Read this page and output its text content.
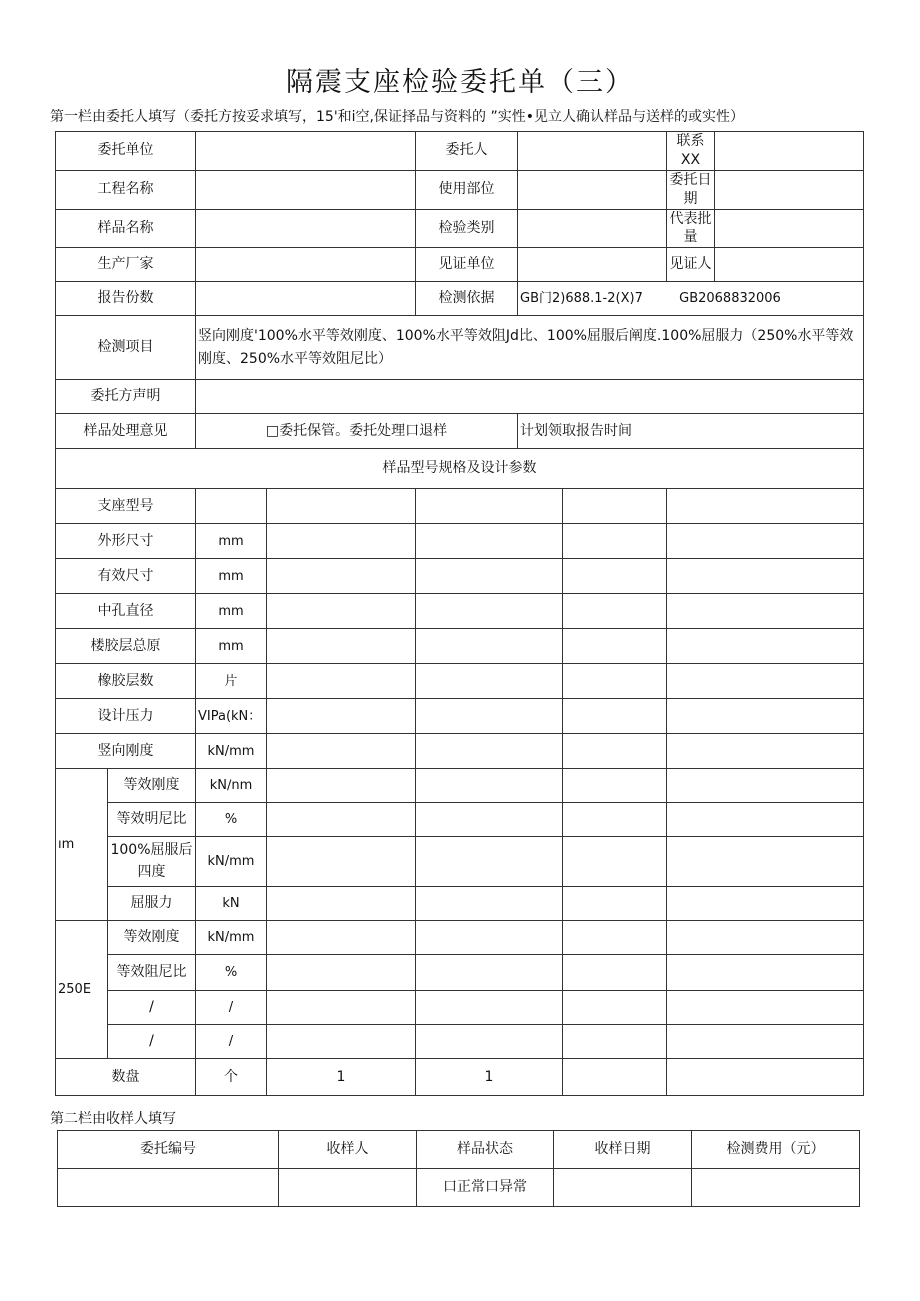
隔震支座检验委托单（三）
第一栏由委托人填写（委托方按妥求填写，15'和i空,保证择品与资料的 ”实性•见立人确认样品与送样的或实性）
委托单位				委托人			联系XX	
工程名称				使用部位			委托日期	
样品名称				检验类别			代表批量	
生产厂家				见证单位			见证人	
报告份数				检测依据	GB门2)688.1-2(X)7 GB2068832006			
检测项目		竖向刚度'100%水平等效刚度、100%水平等效阻Jd比、100%屈服后阐度.100%屈服力（250%水平等效刚度、250%水平等效阻尼比）						
委托方声明								
样品处理意见		□委托保管。委托处理口退样			计划领取报告时间			
样品型号规格及设计参数								
支座型号								
外形尺寸		mm						
有效尺寸		mm						
中孔直径		mm						
楼胶层总原		mm						
橡胶层数		片						
设计压力		VIPa(kN：						
竖向刚度		kN/mm						
ım	等效刚度	kN∕nm						
	等效明尼比	%						
	100%屈服后四度	kN/mm						
	屈服力	kN						
250E	等效刚度	kN/mm						
	等效阻尼比	%						
	/	/						
	/	/						
数盘		个	1	1				
第二栏由收样人填写
委托编号	收样人	样品状态	收样日期	检测费用（元）
		口正常口异常		
